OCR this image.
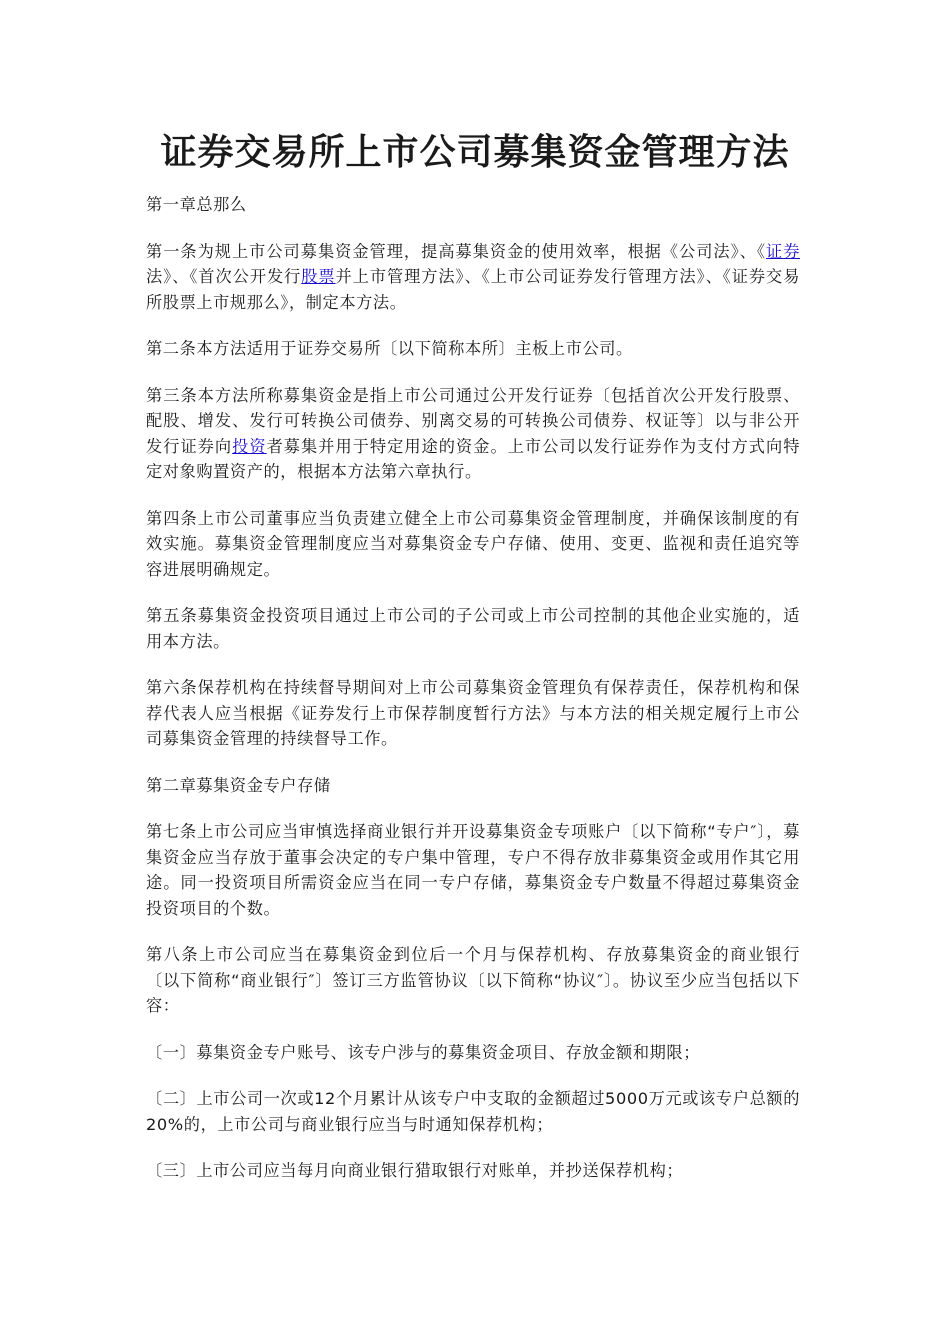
证券交易所上市公司募集资金管理方法

第一章总那么

第一条为规上市公司募集资金管理，提高募集资金的使用效率，根据《公司法》、《证券法》、《首次公开发行股票并上市管理方法》、《上市公司证券发行管理方法》、《证券交易所股票上市规那么》，制定本方法。

第二条本方法适用于证券交易所〔以下简称本所〕主板上市公司。

第三条本方法所称募集资金是指上市公司通过公开发行证券〔包括首次公开发行股票、配股、增发、发行可转换公司债券、别离交易的可转换公司债券、权证等〕以与非公开发行证券向投资者募集并用于特定用途的资金。上市公司以发行证券作为支付方式向特定对象购置资产的，根据本方法第六章执行。

第四条上市公司董事应当负责建立健全上市公司募集资金管理制度，并确保该制度的有效实施。募集资金管理制度应当对募集资金专户存储、使用、变更、监视和责任追究等容进展明确规定。

第五条募集资金投资项目通过上市公司的子公司或上市公司控制的其他企业实施的，适用本方法。

第六条保荐机构在持续督导期间对上市公司募集资金管理负有保荐责任，保荐机构和保荐代表人应当根据《证券发行上市保荐制度暂行方法》与本方法的相关规定履行上市公司募集资金管理的持续督导工作。

第二章募集资金专户存储

第七条上市公司应当审慎选择商业银行并开设募集资金专项账户〔以下简称“专户″〕，募集资金应当存放于董事会决定的专户集中管理，专户不得存放非募集资金或用作其它用途。同一投资项目所需资金应当在同一专户存储，募集资金专户数量不得超过募集资金投资项目的个数。

第八条上市公司应当在募集资金到位后一个月与保荐机构、存放募集资金的商业银行〔以下简称“商业银行″〕签订三方监管协议〔以下简称“协议″〕。协议至少应当包括以下容：

〔一〕募集资金专户账号、该专户涉与的募集资金项目、存放金额和期限；

〔二〕上市公司一次或12个月累计从该专户中支取的金额超过5000万元或该专户总额的20%的，上市公司与商业银行应当与时通知保荐机构；

〔三〕上市公司应当每月向商业银行猎取银行对账单，并抄送保荐机构；
